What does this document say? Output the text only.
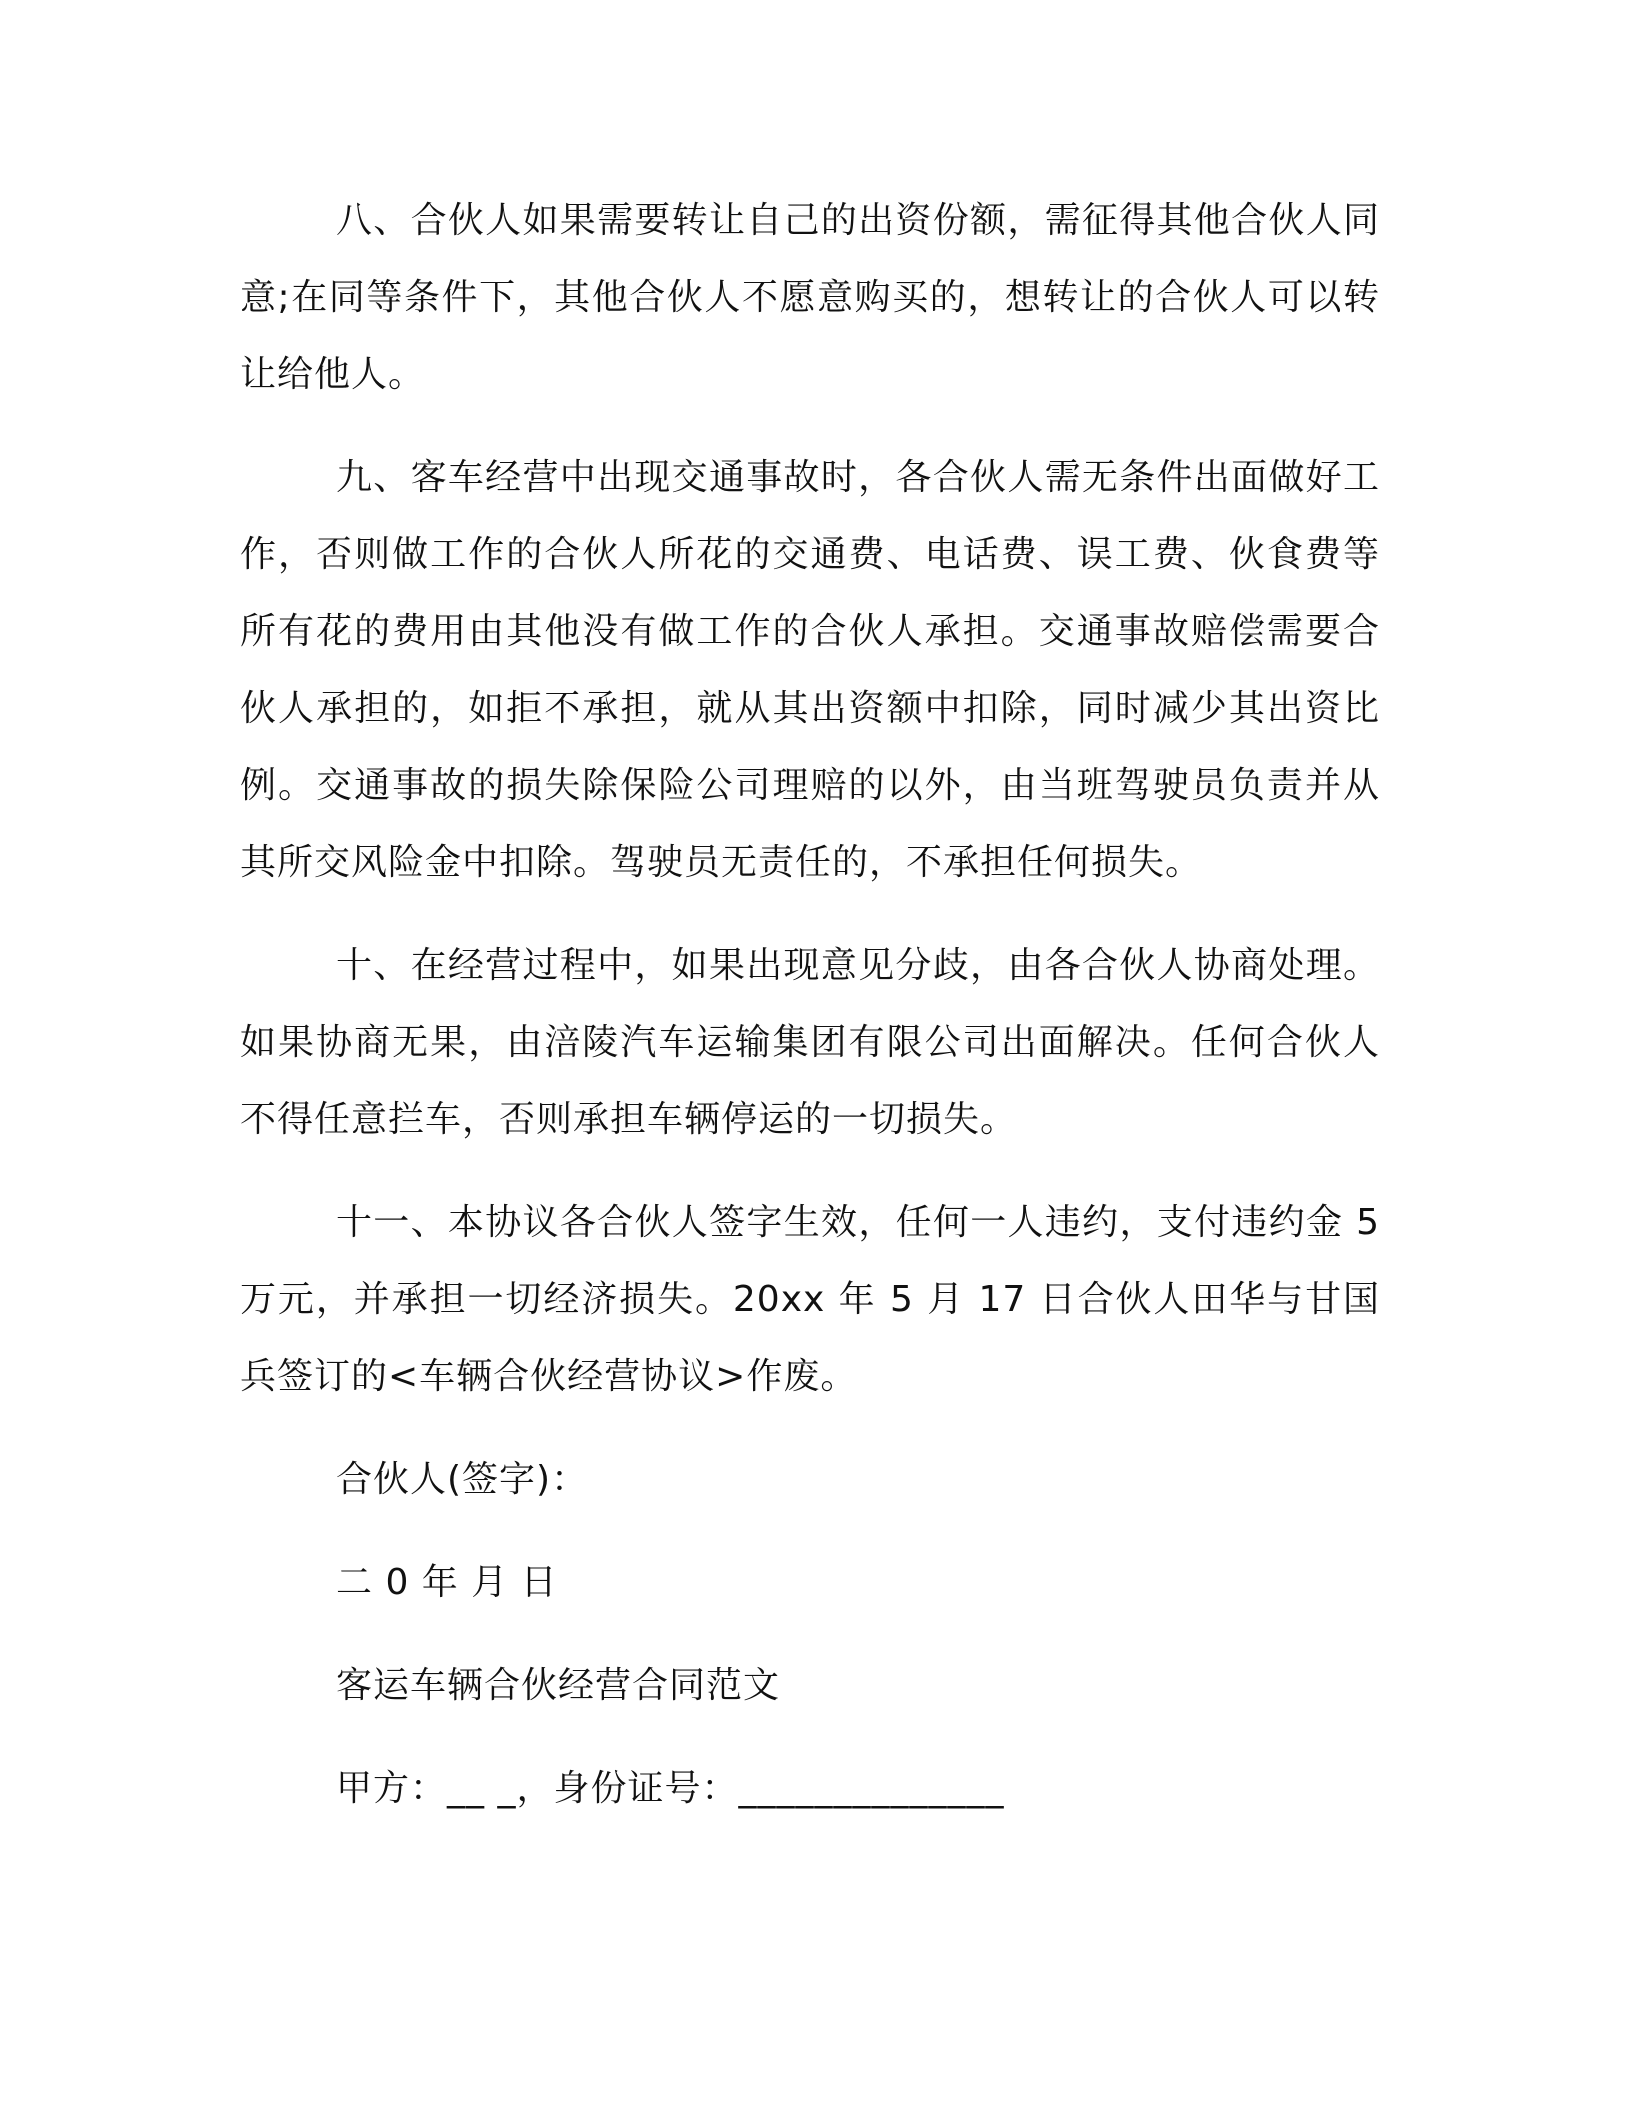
八、合伙人如果需要转让自己的出资份额，需征得其他合伙人同意;在同等条件下，其他合伙人不愿意购买的，想转让的合伙人可以转让给他人。

九、客车经营中出现交通事故时，各合伙人需无条件出面做好工作，否则做工作的合伙人所花的交通费、电话费、误工费、伙食费等所有花的费用由其他没有做工作的合伙人承担。交通事故赔偿需要合伙人承担的，如拒不承担，就从其出资额中扣除，同时减少其出资比例。交通事故的损失除保险公司理赔的以外，由当班驾驶员负责并从其所交风险金中扣除。驾驶员无责任的，不承担任何损失。

十、在经营过程中，如果出现意见分歧，由各合伙人协商处理。如果协商无果，由涪陵汽车运输集团有限公司出面解决。任何合伙人不得任意拦车，否则承担车辆停运的一切损失。

十一、本协议各合伙人签字生效，任何一人违约，支付违约金 5 万元，并承担一切经济损失。20xx 年 5 月 17 日合伙人田华与甘国兵签订的<车辆合伙经营协议>作废。

合伙人(签字)：
二 0 年 月 日
客运车辆合伙经营合同范文
甲方：__ _，身份证号：______________
